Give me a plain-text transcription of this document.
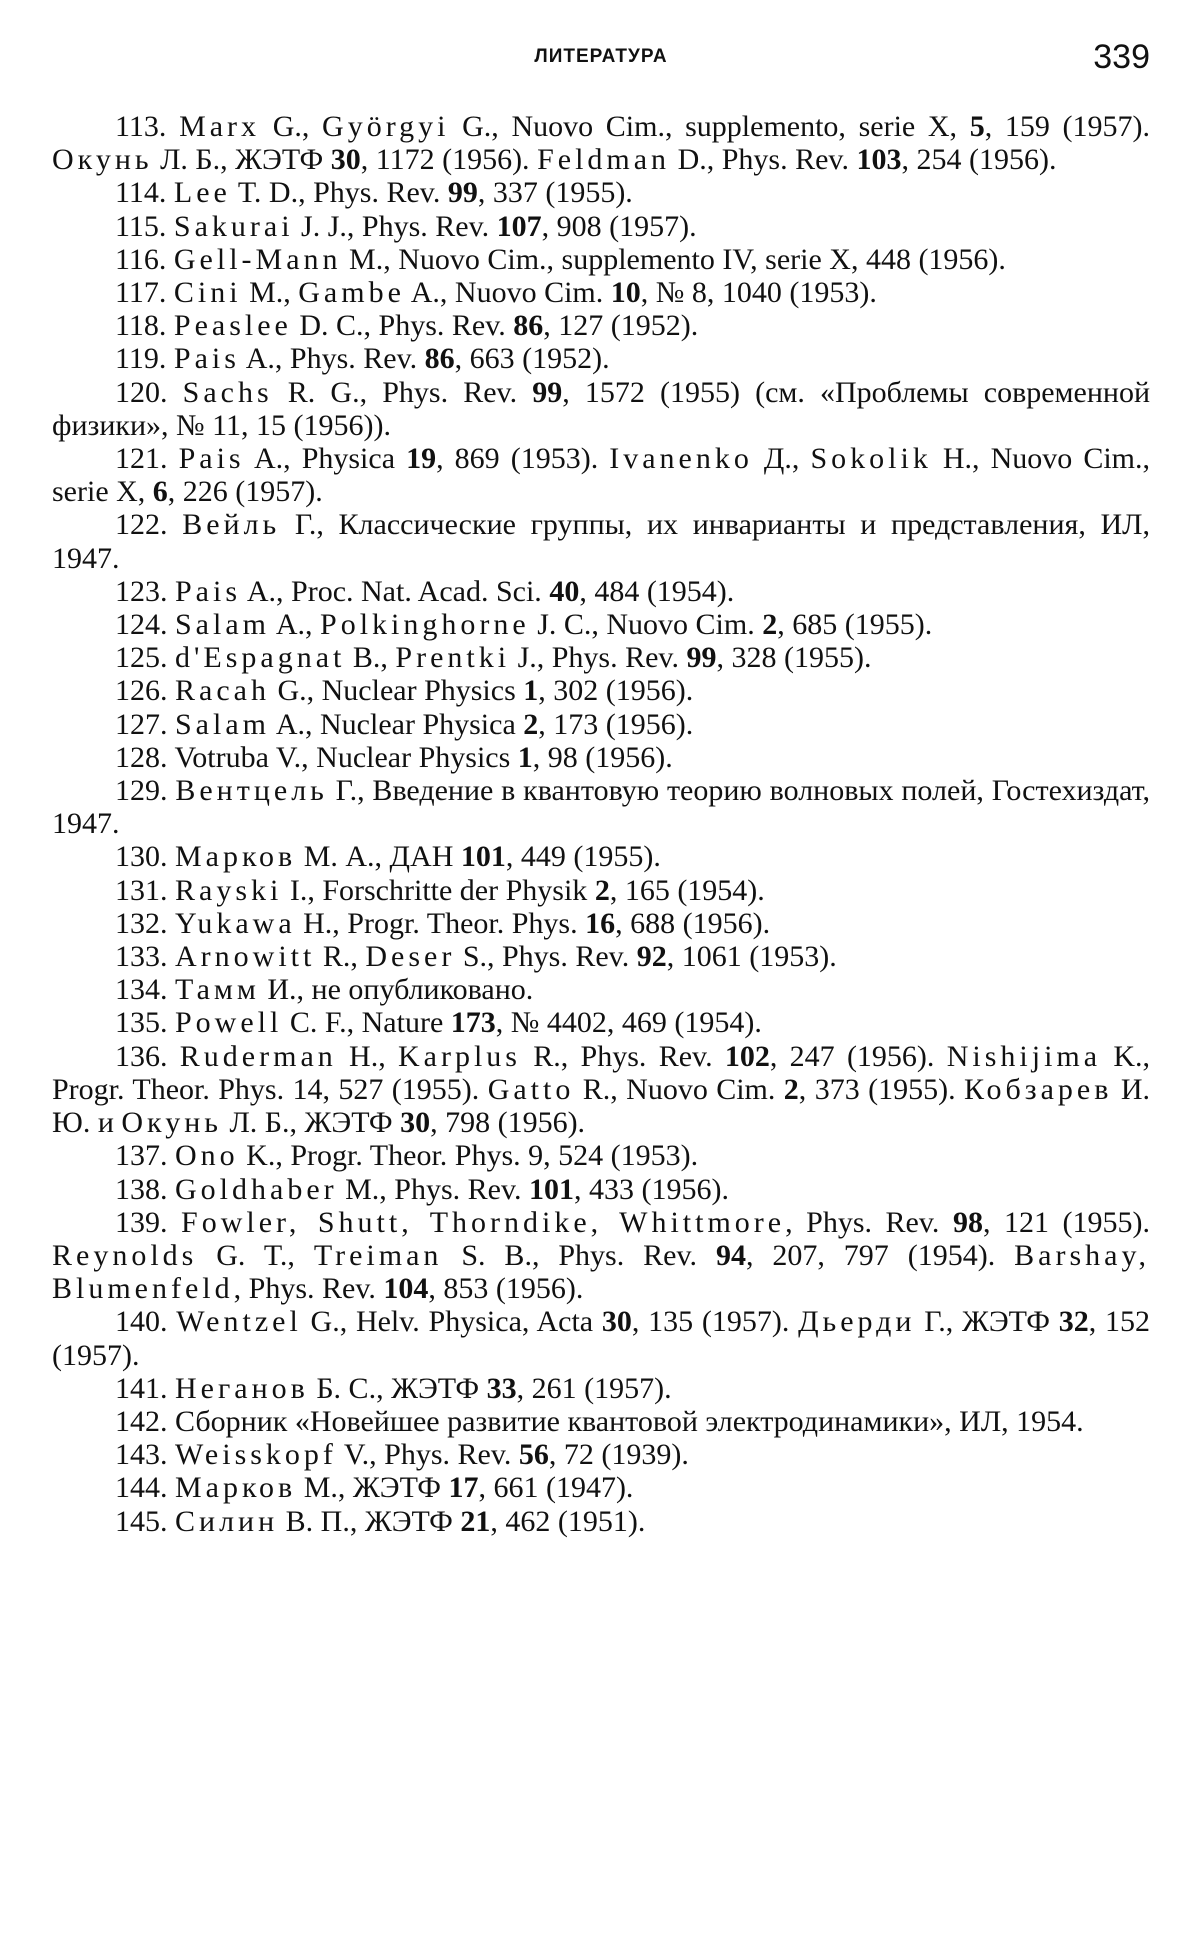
ЛИТЕРАТУРА	339

113. Marx G., Györgyi G., Nuovo Cim., supplemento, serie X, 5, 159 (1957). Окунь Л. Б., ЖЭТФ 30, 1172 (1956). Feldman D., Phys. Rev. 103, 254 (1956).

114. Lee T. D., Phys. Rev. 99, 337 (1955).

115. Sakurai J. J., Phys. Rev. 107, 908 (1957).

116. Gell-Mann M., Nuovo Cim., supplemento IV, serie X, 448 (1956).

117. Cini M., Gambe A., Nuovo Cim. 10, № 8, 1040 (1953).

118. Peaslee D. C., Phys. Rev. 86, 127 (1952).

119. Pais A., Phys. Rev. 86, 663 (1952).

120. Sachs R. G., Phys. Rev. 99, 1572 (1955) (см. «Проблемы современной физики», № 11, 15 (1956)).

121. Pais A., Physica 19, 869 (1953). Ivanenko Д., Sokolik H., Nuovo Cim., serie X, 6, 226 (1957).

122. Вейль Г., Классические группы, их инварианты и представления, ИЛ, 1947.

123. Pais A., Proc. Nat. Acad. Sci. 40, 484 (1954).

124. Salam A., Polkinghorne J. C., Nuovo Cim. 2, 685 (1955).

125. d'Espagnat B., Prentki J., Phys. Rev. 99, 328 (1955).

126. Racah G., Nuclear Physics 1, 302 (1956).

127. Salam A., Nuclear Physica 2, 173 (1956).

128. Votruba V., Nuclear Physics 1, 98 (1956).

129. Вентцель Г., Введение в квантовую теорию волновых полей, Гостехиздат, 1947.

130. Марков М. А., ДАН 101, 449 (1955).

131. Rayski I., Forschritte der Physik 2, 165 (1954).

132. Yukawa H., Progr. Theor. Phys. 16, 688 (1956).

133. Arnowitt R., Deser S., Phys. Rev. 92, 1061 (1953).

134. Тамм И., не опубликовано.

135. Powell C. F., Nature 173, № 4402, 469 (1954).

136. Ruderman H., Karplus R., Phys. Rev. 102, 247 (1956). Nishijima K., Progr. Theor. Phys. 14, 527 (1955). Gatto R., Nuovo Cim. 2, 373 (1955). Кобзарев И. Ю. и Окунь Л. Б., ЖЭТФ 30, 798 (1956).

137. Ono K., Progr. Theor. Phys. 9, 524 (1953).

138. Goldhaber M., Phys. Rev. 101, 433 (1956).

139. Fowler, Shutt, Thorndike, Whittmore, Phys. Rev. 98, 121 (1955). Reynolds G. T., Treiman S. B., Phys. Rev. 94, 207, 797 (1954). Barshay, Blumenfeld, Phys. Rev. 104, 853 (1956).

140. Wentzel G., Helv. Physica, Acta 30, 135 (1957). Дьерди Г., ЖЭТФ 32, 152 (1957).

141. Неганов Б. С., ЖЭТФ 33, 261 (1957).

142. Сборник «Новейшее развитие квантовой электродинамики», ИЛ, 1954.

143. Weisskopf V., Phys. Rev. 56, 72 (1939).

144. Марков М., ЖЭТФ 17, 661 (1947).

145. Силин В. П., ЖЭТФ 21, 462 (1951).
